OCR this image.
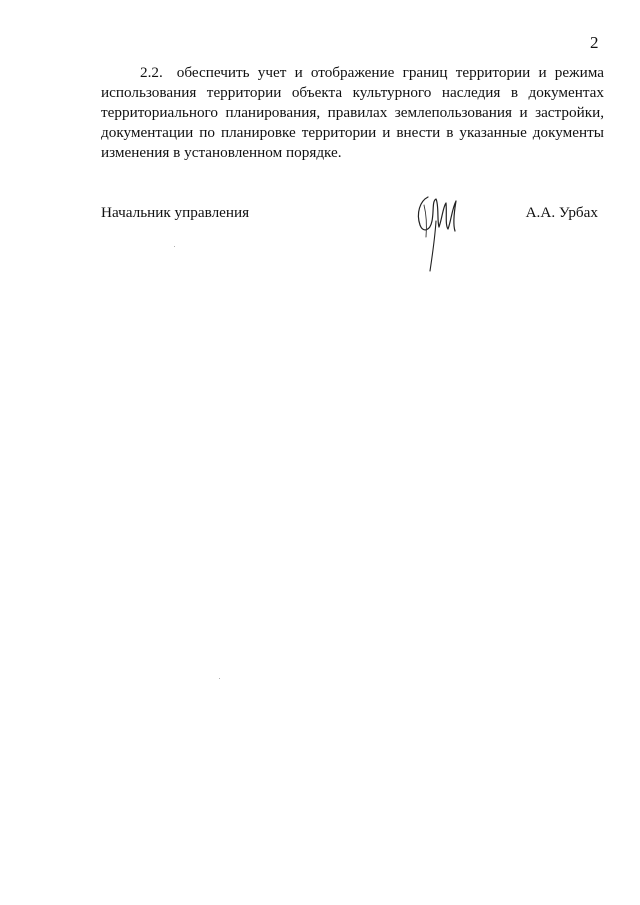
2

2.2. обеспечить учет и отображение границ территории и режима использования территории объекта культурного наследия в документах территориального планирования, правилах землепользования и застройки, документации по планировке территории и внести в указанные документы изменения в установленном порядке.

Начальник управления	А.А. Урбах
